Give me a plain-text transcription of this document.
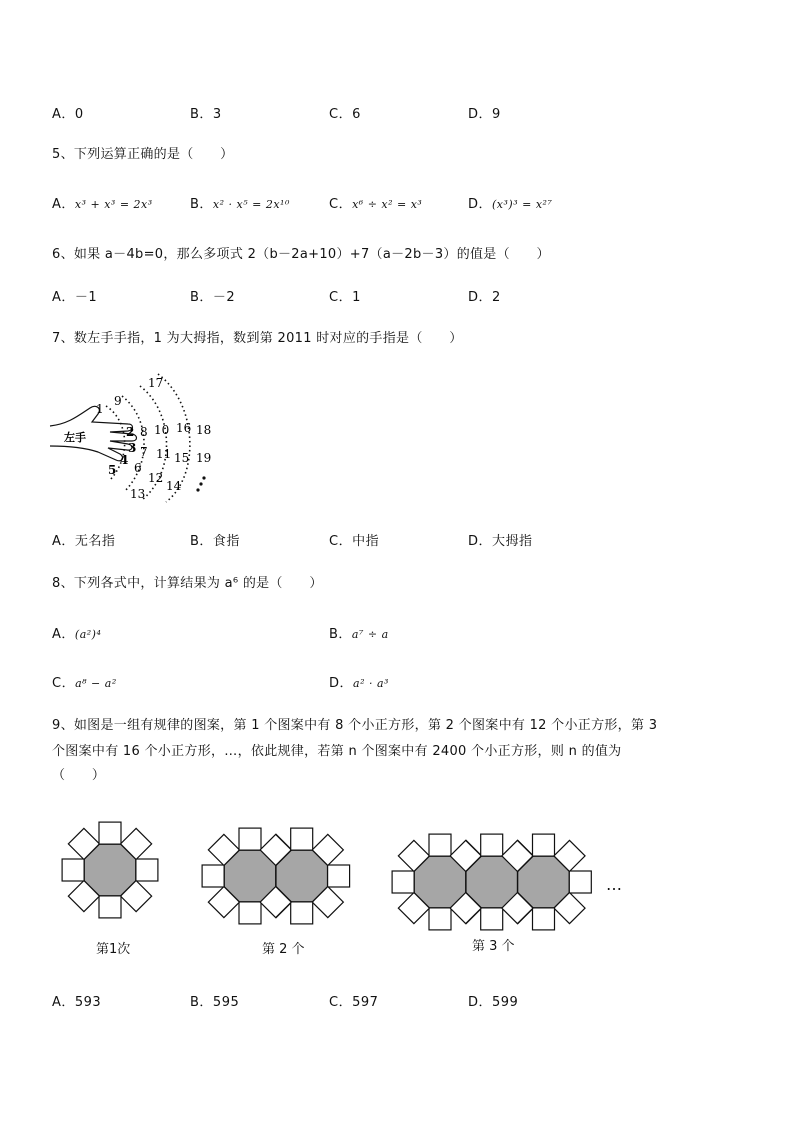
A．0	B．3	C．6	D．9
5、下列运算正确的是（　　）
A．x³ + x³ = 2x³	B．x² · x⁵ = 2x¹⁰	C．x⁶ ÷ x² = x³	D．(x³)³ = x²⁷
6、如果 a－4b=0，那么多项式 2（b－2a+10）+7（a－2b－3）的值是（　　）
A．－1	B．－2	C．1	D．2
7、数左手手指，1 为大拇指，数到第 2011 时对应的手指是（　　）
左手
1
2
3
4
5 6
7
8
9
10
11
12
13
14
15
16
17
18
19
A．无名指	B．食指	C．中指	D．大拇指
8、下列各式中，计算结果为 a⁶ 的是（　　）
A．(a²)⁴	B．a⁷ ÷ a
C．a⁸ − a²	D．a² · a³
9、如图是一组有规律的图案，第 1 个图案中有 8 个小正方形，第 2 个图案中有 12 个小正方形，第 3
个图案中有 16 个小正方形，…，依此规律，若第 n 个图案中有 2400 个小正方形，则 n 的值为
（　　）
第1次	第 2 个	第 3 个
…
A．593	B．595	C．597	D．599
